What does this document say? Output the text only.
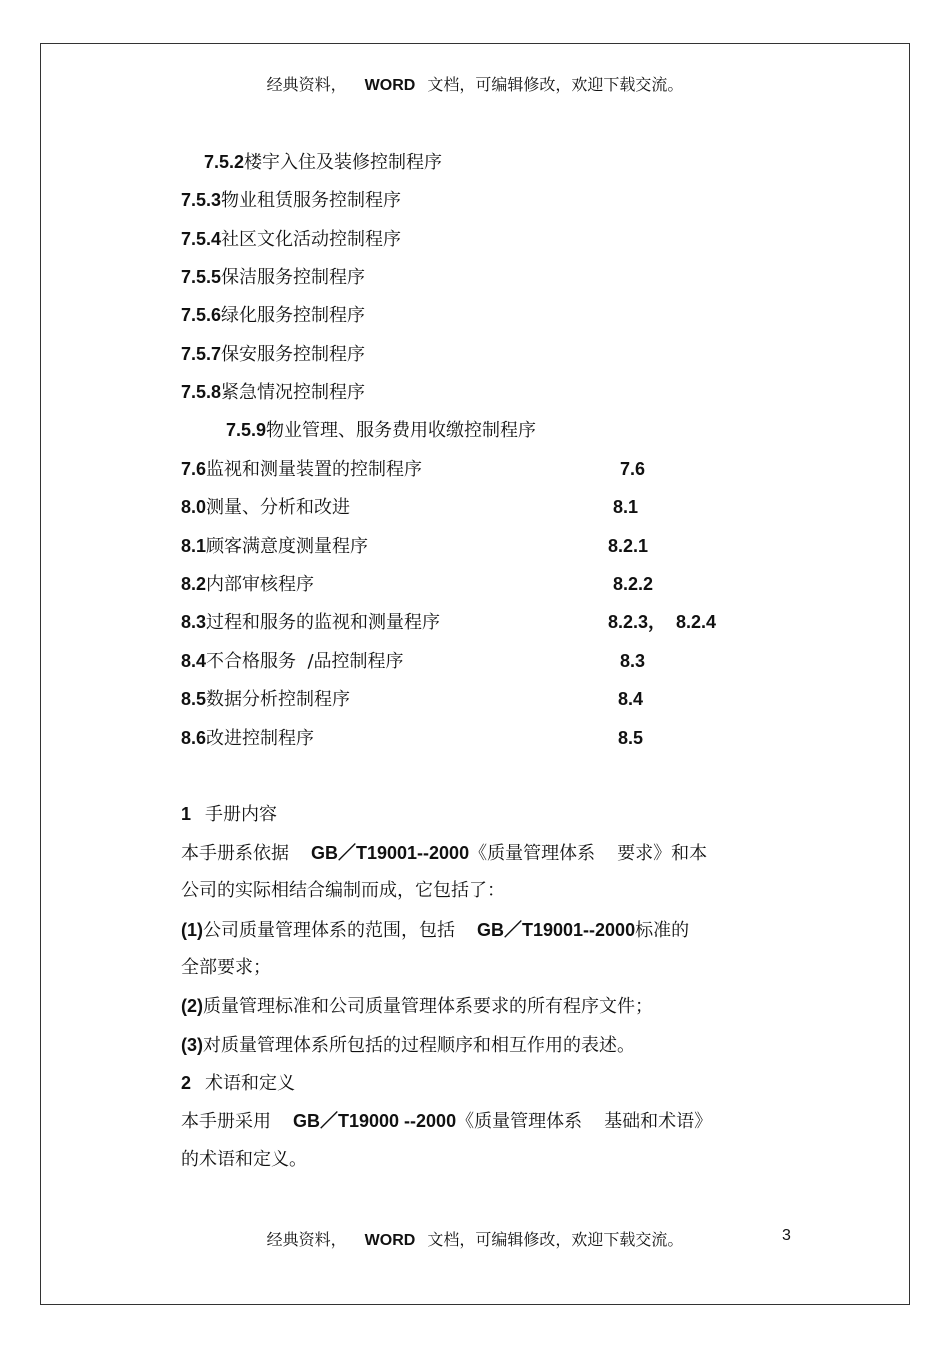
经典资料， WORD 文档，可编辑修改，欢迎下载交流。
7.5.2楼宇入住及装修控制程序
7.5.3物业租赁服务控制程序
7.5.4社区文化活动控制程序
7.5.5保洁服务控制程序
7.5.6绿化服务控制程序
7.5.7保安服务控制程序
7.5.8紧急情况控制程序
7.5.9物业管理、服务费用收缴控制程序
7.6监视和测量装置的控制程序	7.6
8.0测量、分析和改进	8.1
8.1顾客满意度测量程序	8.2.1
8.2内部审核程序	8.2.2
8.3过程和服务的监视和测量程序	8.2.3，  8.2.4
8.4不合格服务  /品控制程序	8.3
8.5数据分析控制程序	8.4
8.6改进控制程序	8.5
1 手册内容
本手册系依据 GB／T19001--2000《质量管理体系 要求》和本
公司的实际相结合编制而成，它包括了：
(1)公司质量管理体系的范围，包括 GB／T19001--2000标准的
全部要求；
(2)质量管理标准和公司质量管理体系要求的所有程序文件；
(3)对质量管理体系所包括的过程顺序和相互作用的表述。
2 术语和定义
本手册采用 GB／T19000 --2000《质量管理体系 基础和术语》
的术语和定义。
经典资料， WORD 文档，可编辑修改，欢迎下载交流。	3
